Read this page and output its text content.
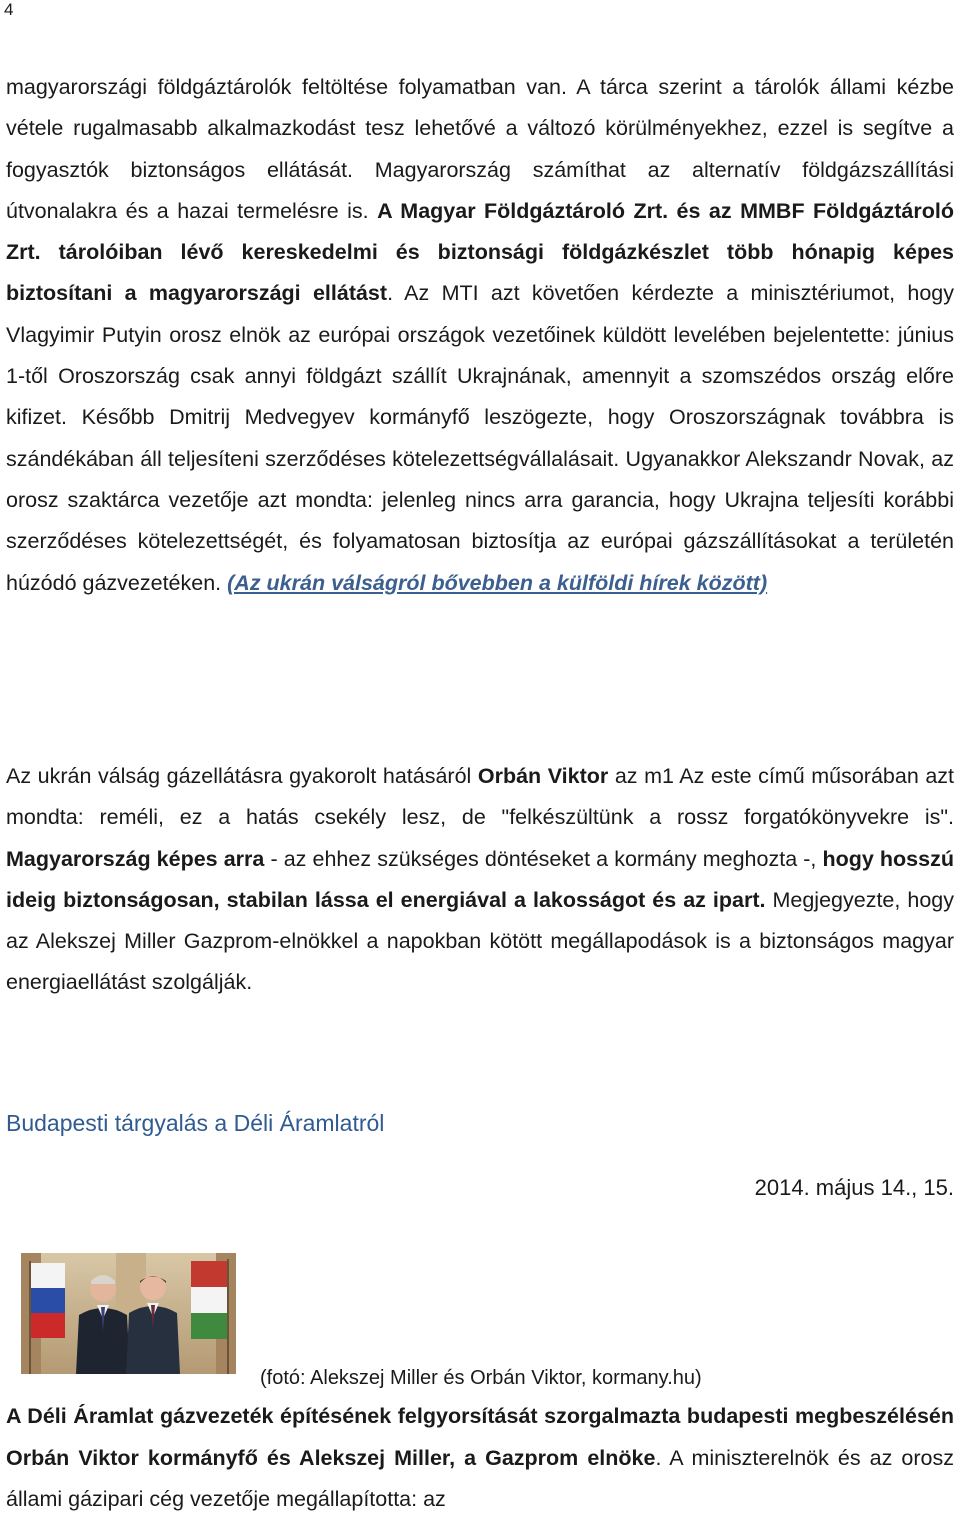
4

magyarországi földgáztárolók feltöltése folyamatban van. A tárca szerint a tárolók állami kézbe vétele rugalmasabb alkalmazkodást tesz lehetővé a változó körülményekhez, ezzel is segítve a fogyasztók biztonságos ellátását. Magyarország számíthat az alternatív földgázszállítási útvonalakra és a hazai termelésre is. A Magyar Földgáztároló Zrt. és az MMBF Földgáztároló Zrt. tárolóiban lévő kereskedelmi és biztonsági földgázkészlet több hónapig képes biztosítani a magyarországi ellátást. Az MTI azt követően kérdezte a minisztériumot, hogy Vlagyimir Putyin orosz elnök az európai országok vezetőinek küldött levelében bejelentette: június 1-től Oroszország csak annyi földgázt szállít Ukrajnának, amennyit a szomszédos ország előre kifizet. Később Dmitrij Medvegyev kormányfő leszögezte, hogy Oroszországnak továbbra is szándékában áll teljesíteni szerződéses kötelezettségvállalásait. Ugyanakkor Alekszandr Novak, az orosz szaktárca vezetője azt mondta: jelenleg nincs arra garancia, hogy Ukrajna teljesíti korábbi szerződéses kötelezettségét, és folyamatosan biztosítja az európai gázszállításokat a területén húzódó gázvezetéken. (Az ukrán válságról bővebben a külföldi hírek között)

Az ukrán válság gázellátásra gyakorolt hatásáról Orbán Viktor az m1 Az este című műsorában azt mondta: reméli, ez a hatás csekély lesz, de "felkészültünk a rossz forgatókönyvekre is". Magyarország képes arra - az ehhez szükséges döntéseket a kormány meghozta -, hogy hosszú ideig biztonságosan, stabilan lássa el energiával a lakosságot és az ipart. Megjegyezte, hogy az Alekszej Miller Gazprom-elnökkel a napokban kötött megállapodások is a biztonságos magyar energiaellátást szolgálják.

Budapesti tárgyalás a Déli Áramlatról
2014. május 14., 15.
(fotó: Alekszej Miller és Orbán Viktor, kormany.hu)

A Déli Áramlat gázvezeték építésének felgyorsítását szorgalmazta budapesti megbeszélésén Orbán Viktor kormányfő és Alekszej Miller, a Gazprom elnöke. A miniszterelnök és az orosz állami gázipari cég vezetője megállapította: az
